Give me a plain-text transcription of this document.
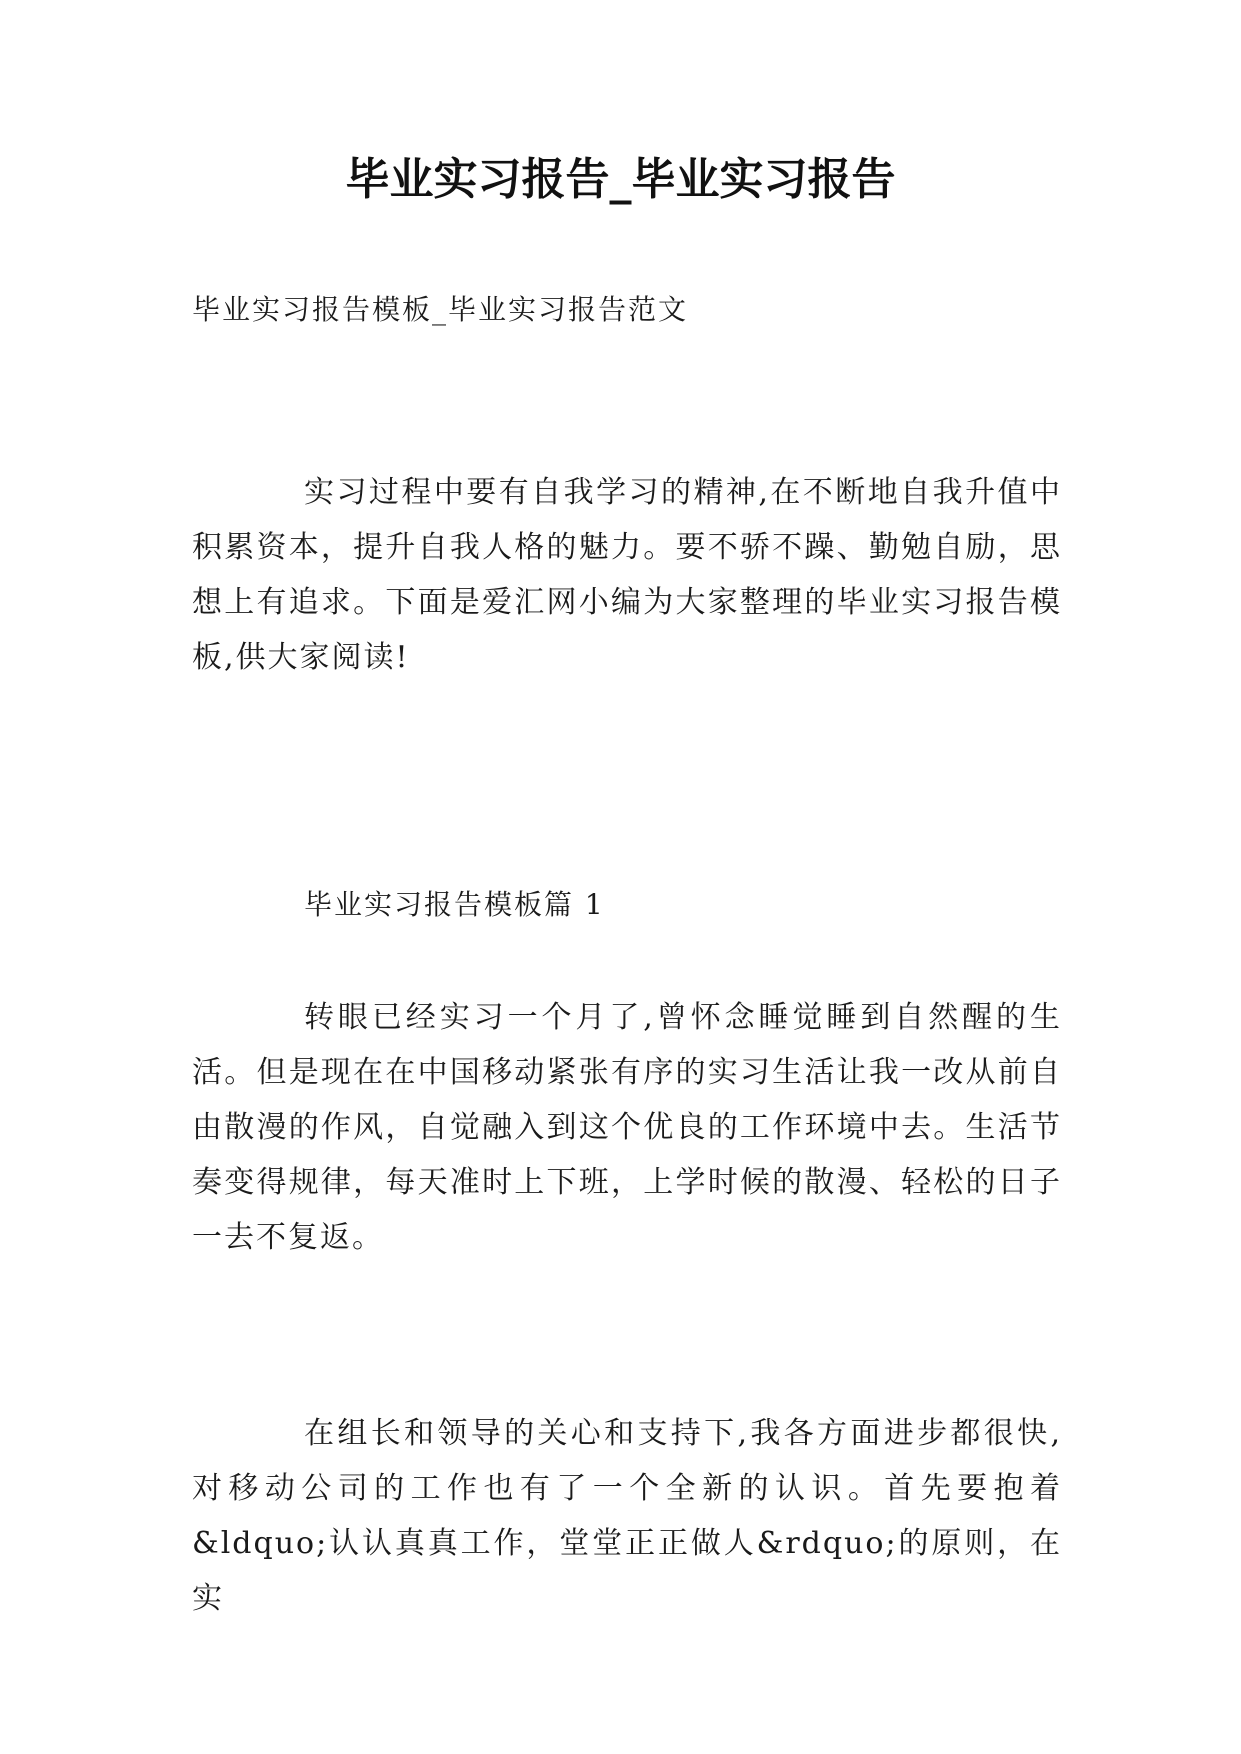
毕业实习报告_毕业实习报告

毕业实习报告模板_毕业实习报告范文

实习过程中要有自我学习的精神,在不断地自我升值中积累资本，提升自我人格的魅力。要不骄不躁、勤勉自励，思想上有追求。下面是爱汇网小编为大家整理的毕业实习报告模板,供大家阅读!

毕业实习报告模板篇 1

转眼已经实习一个月了,曾怀念睡觉睡到自然醒的生活。但是现在在中国移动紧张有序的实习生活让我一改从前自由散漫的作风，自觉融入到这个优良的工作环境中去。生活节奏变得规律，每天准时上下班，上学时候的散漫、轻松的日子一去不复返。

在组长和领导的关心和支持下,我各方面进步都很快,对移动公司的工作也有了一个全新的认识。首先要抱着&ldquo;认认真真工作，堂堂正正做人&rdquo;的原则，在实
